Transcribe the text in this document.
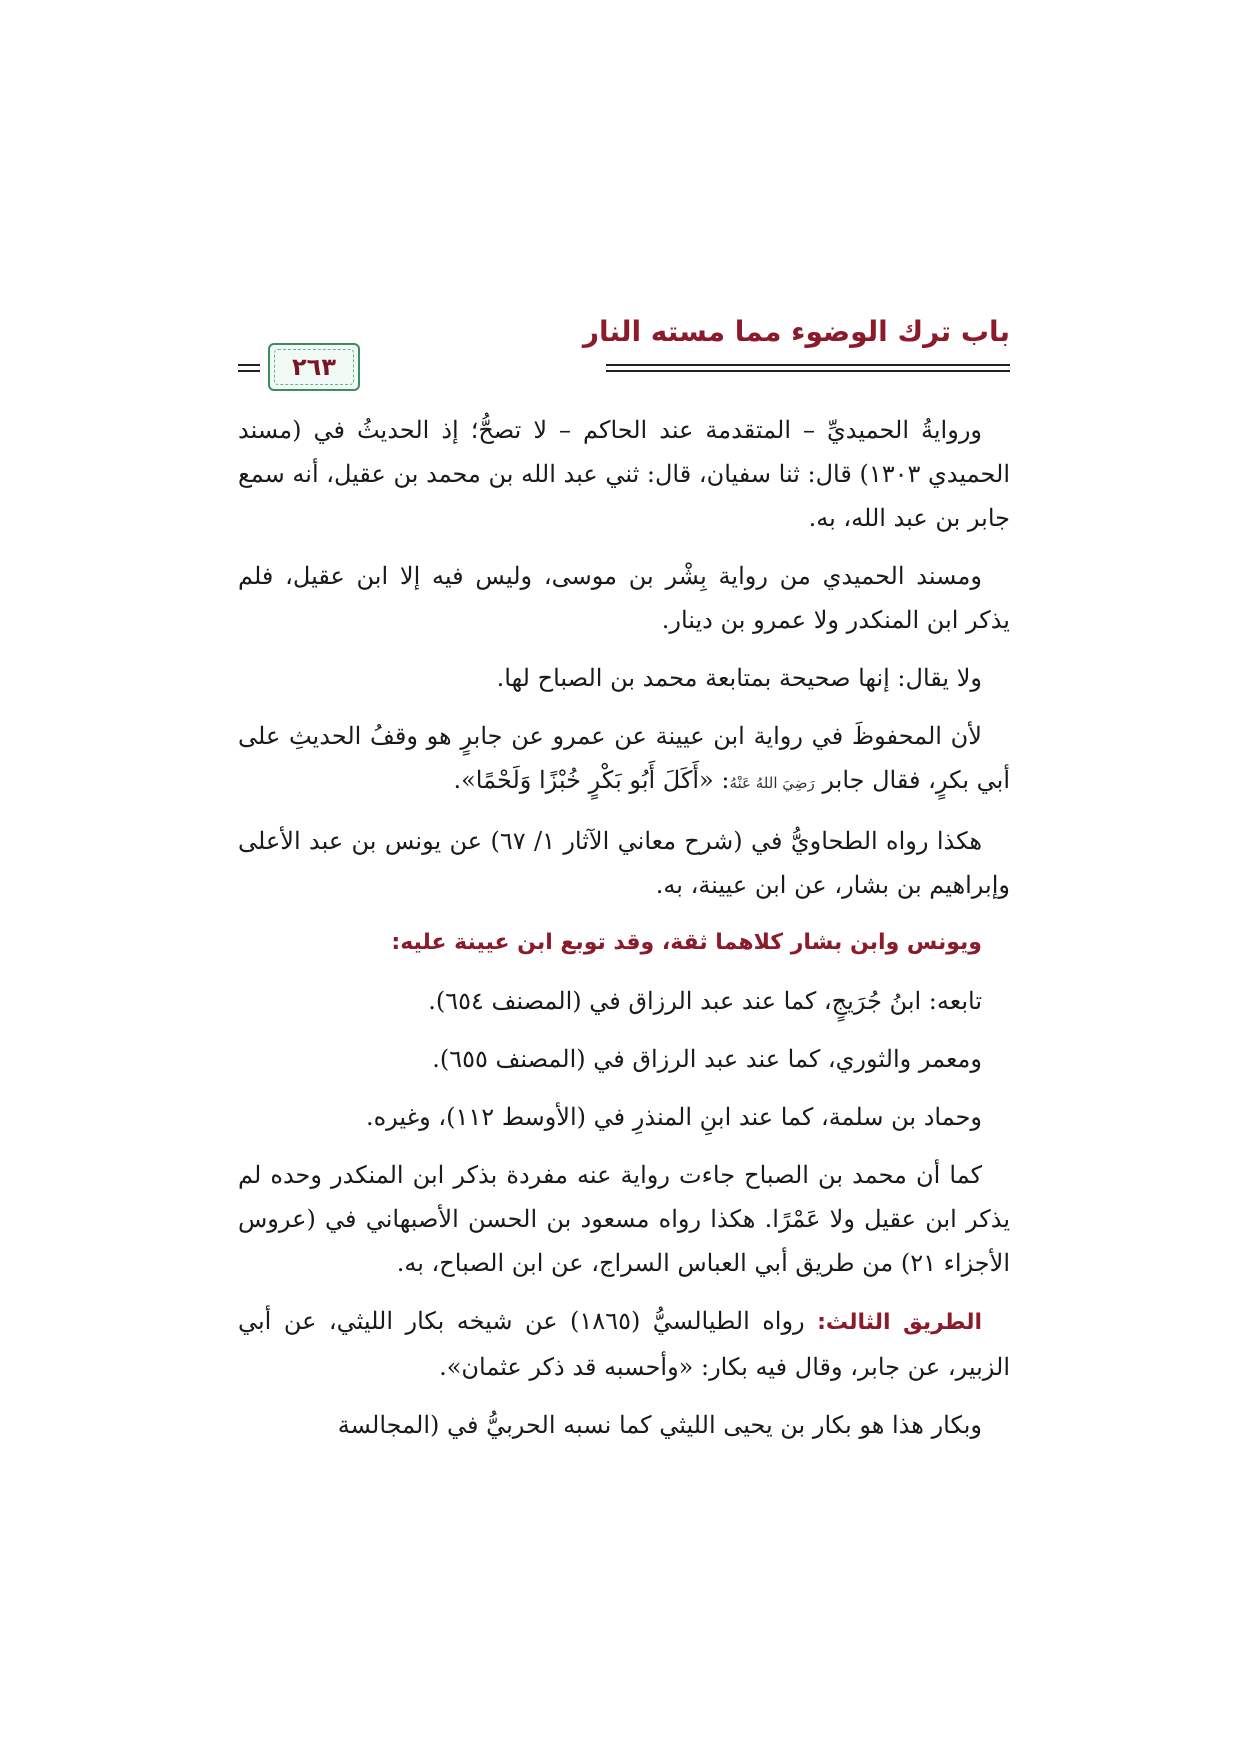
باب ترك الوضوء مما مسته النار
٢٦٣

وروايةُ الحميديِّ – المتقدمة عند الحاكم – لا تصحُّ؛ إذ الحديثُ في (مسند الحميدي ١٣٠٣) قال: ثنا سفيان، قال: ثني عبد الله بن محمد بن عقيل، أنه سمع جابر بن عبد الله، به.

ومسند الحميدي من رواية بِشْر بن موسى، وليس فيه إلا ابن عقيل، فلم يذكر ابن المنكدر ولا عمرو بن دينار.

ولا يقال: إنها صحيحة بمتابعة محمد بن الصباح لها.

لأن المحفوظَ في رواية ابن عيينة عن عمرو عن جابرٍ هو وقفُ الحديثِ على أبي بكرٍ، فقال جابر رَضِيَ اللهُ عَنْهُ: «أَكَلَ أَبُو بَكْرٍ خُبْزًا وَلَحْمًا».

هكذا رواه الطحاويُّ في (شرح معاني الآثار ١/ ٦٧) عن يونس بن عبد الأعلى وإبراهيم بن بشار، عن ابن عيينة، به.

ويونس وابن بشار كلاهما ثقة، وقد توبع ابن عيينة عليه:

تابعه: ابنُ جُرَيجٍ، كما عند عبد الرزاق في (المصنف ٦٥٤).

ومعمر والثوري، كما عند عبد الرزاق في (المصنف ٦٥٥).

وحماد بن سلمة، كما عند ابنِ المنذرِ في (الأوسط ١١٢)، وغيره.

كما أن محمد بن الصباح جاءت رواية عنه مفردة بذكر ابن المنكدر وحده لم يذكر ابن عقيل ولا عَمْرًا. هكذا رواه مسعود بن الحسن الأصبهاني في (عروس الأجزاء ٢١) من طريق أبي العباس السراج، عن ابن الصباح، به.

الطريق الثالث: رواه الطيالسيُّ (١٨٦٥) عن شيخه بكار الليثي، عن أبي الزبير، عن جابر، وقال فيه بكار: «وأحسبه قد ذكر عثمان».

وبكار هذا هو بكار بن يحيى الليثي كما نسبه الحربيُّ في (المجالسة
